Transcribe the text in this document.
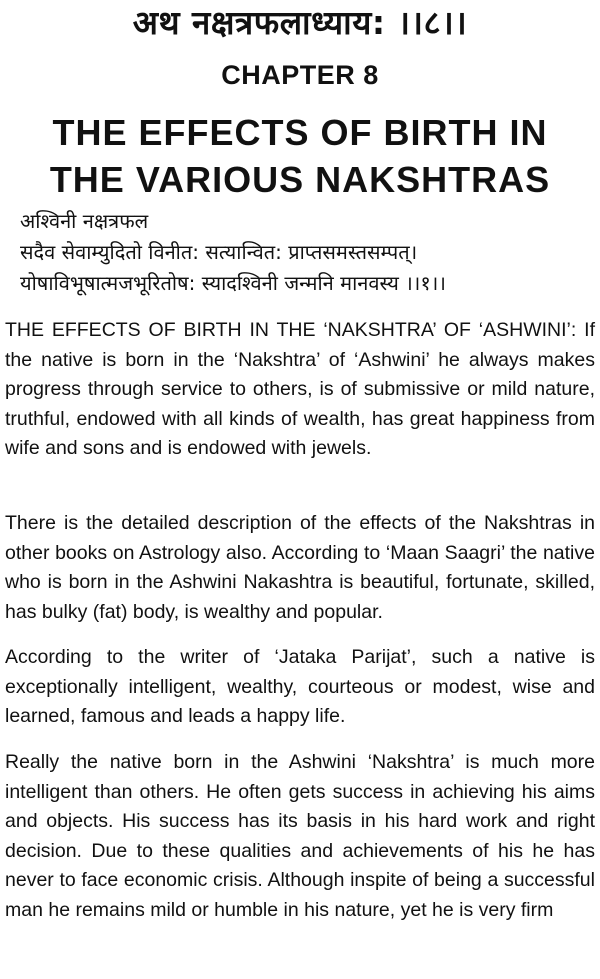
अथ नक्षत्रफलाध्याय: ।।८।।
CHAPTER 8
THE EFFECTS OF BIRTH IN
THE VARIOUS NAKSHTRAS
अश्विनी नक्षत्रफल
सदैव सेवाम्युदितो विनीत: सत्यान्वित: प्राप्तसमस्तसम्पत्।
योषाविभूषात्मजभूरितोष: स्यादश्विनी जन्मनि मानवस्य ।।१।।

THE EFFECTS OF BIRTH IN THE ‘NAKSHTRA’ OF ‘ASHWINI’: If the native is born in the ‘Nakshtra’ of ‘Ashwini’ he always makes progress through service to others, is of submissive or mild nature, truthful, endowed with all kinds of wealth, has great happiness from wife and sons and is endowed with jewels.

There is the detailed description of the effects of the Nakshtras in other books on Astrology also. According to ‘Maan Saagri’ the native who is born in the Ashwini Nakashtra is beautiful, fortunate, skilled, has bulky (fat) body, is wealthy and popular.

According to the writer of ‘Jataka Parijat’, such a native is exceptionally intelligent, wealthy, courteous or modest, wise and learned, famous and leads a happy life.

Really the native born in the Ashwini ‘Nakshtra’ is much more intelligent than others. He often gets success in achieving his aims and objects. His success has its basis in his hard work and right decision. Due to these qualities and achievements of his he has never to face economic crisis. Although inspite of being a successful man he remains mild or humble in his nature, yet he is very firm
